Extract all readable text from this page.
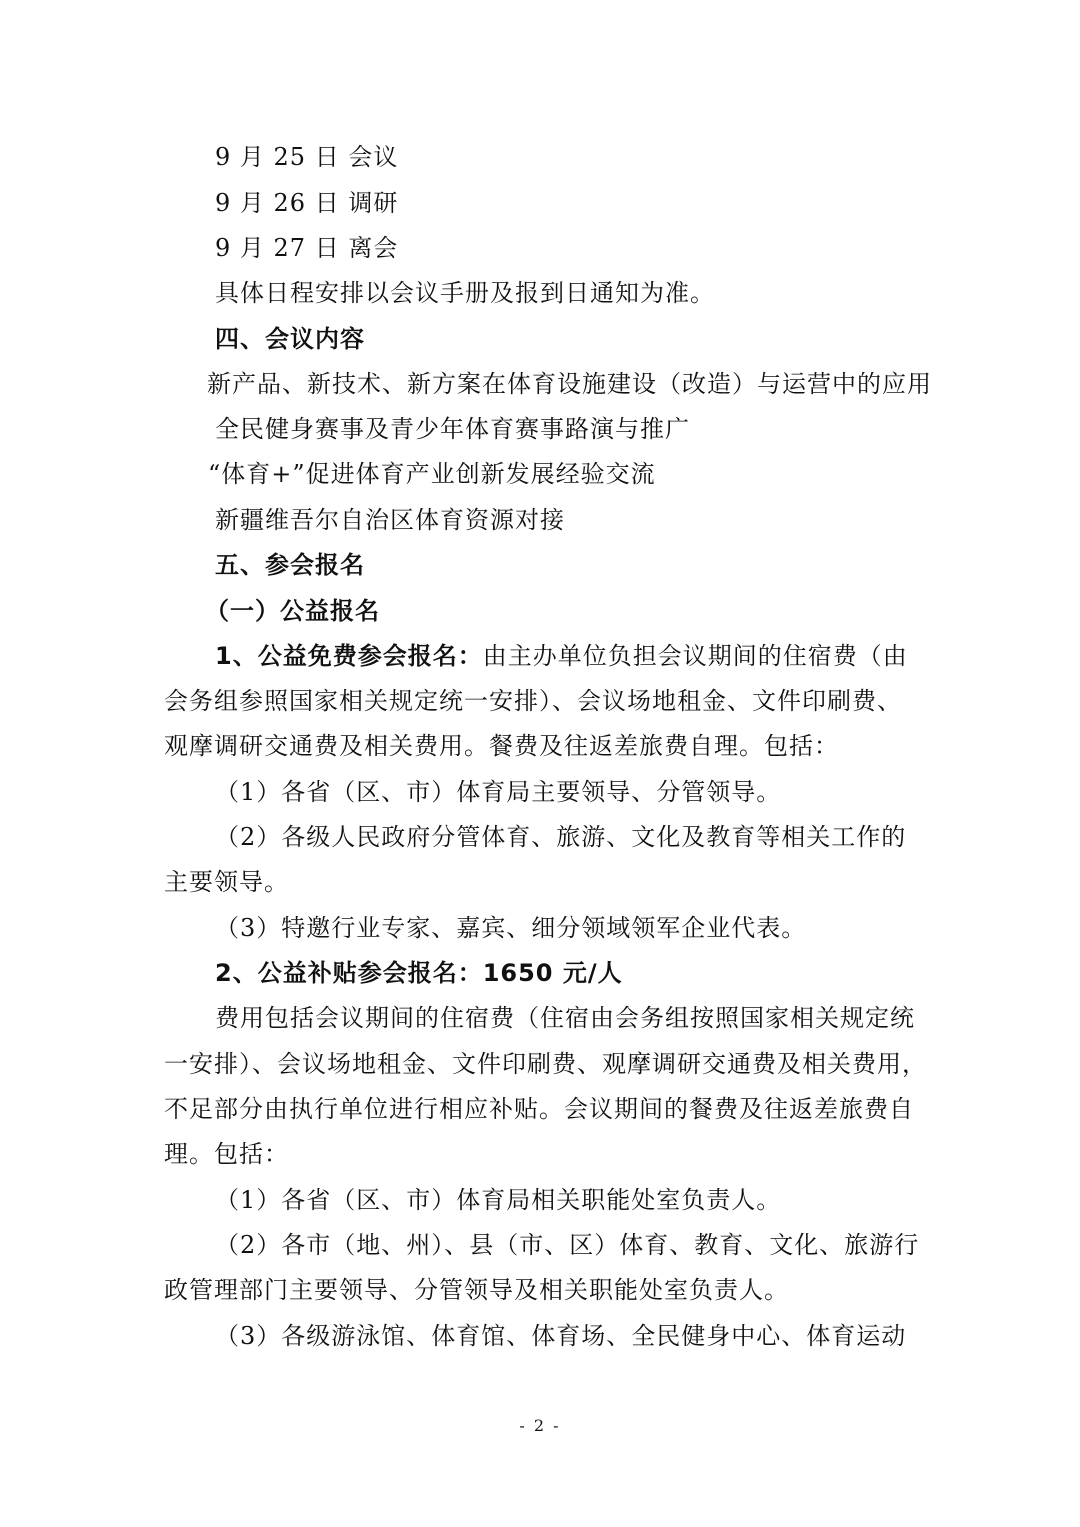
9 月 25 日 会议
9 月 26 日 调研
9 月 27 日 离会
具体日程安排以会议手册及报到日通知为准。
四、会议内容
新产品、新技术、新方案在体育设施建设（改造）与运营中的应用
全民健身赛事及青少年体育赛事路演与推广
“体育+”促进体育产业创新发展经验交流
新疆维吾尔自治区体育资源对接
五、参会报名
（一）公益报名
1、公益免费参会报名：由主办单位负担会议期间的住宿费（由
会务组参照国家相关规定统一安排）、会议场地租金、文件印刷费、
观摩调研交通费及相关费用。餐费及往返差旅费自理。包括：
（1）各省（区、市）体育局主要领导、分管领导。
（2）各级人民政府分管体育、旅游、文化及教育等相关工作的
主要领导。
（3）特邀行业专家、嘉宾、细分领域领军企业代表。
2、公益补贴参会报名：1650 元/人
费用包括会议期间的住宿费（住宿由会务组按照国家相关规定统
一安排）、会议场地租金、文件印刷费、观摩调研交通费及相关费用，
不足部分由执行单位进行相应补贴。会议期间的餐费及往返差旅费自
理。包括：
（1）各省（区、市）体育局相关职能处室负责人。
（2）各市（地、州）、县（市、区）体育、教育、文化、旅游行
政管理部门主要领导、分管领导及相关职能处室负责人。
（3）各级游泳馆、体育馆、体育场、全民健身中心、体育运动
- 2 -
